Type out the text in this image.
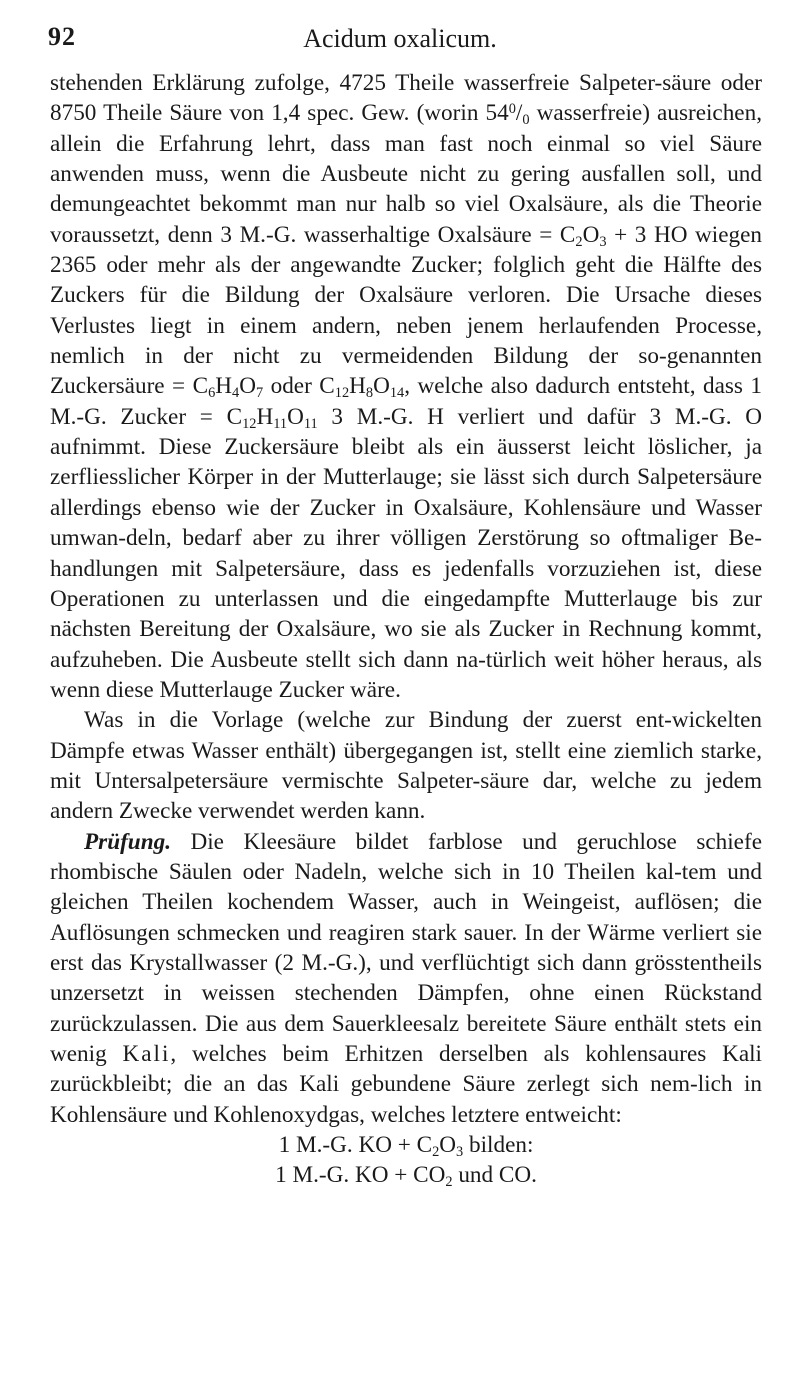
92	Acidum oxalicum.

stehenden Erklärung zufolge, 4725 Theile wasserfreie Salpeter-säure oder 8750 Theile Säure von 1,4 spec. Gew. (worin $54^0/_0$ wasserfreie) ausreichen, allein die Erfahrung lehrt, dass man fast noch einmal so viel Säure anwenden muss, wenn die Ausbeute nicht zu gering ausfallen soll, und demungeachtet bekommt man nur halb so viel Oxalsäure, als die Theorie voraussetzt, denn 3 M.-G. wasserhaltige Oxalsäure = $C_2O_3 + 3$ HO wiegen 2365 oder mehr als der angewandte Zucker; folglich geht die Hälfte des Zuckers für die Bildung der Oxalsäure verloren. Die Ursache dieses Verlustes liegt in einem andern, neben jenem herlaufenden Processe, nemlich in der nicht zu vermeidenden Bildung der so-genannten Zuckersäure = $C_6H_4O_7$ oder $C_{12}H_8O_{14}$, welche also dadurch entsteht, dass 1 M.-G. Zucker = $C_{12}H_{11}O_{11}$ 3 M.-G. H verliert und dafür 3 M.-G. O aufnimmt. Diese Zuckersäure bleibt als ein äusserst leicht löslicher, ja zerfliesslicher Körper in der Mutterlauge; sie lässt sich durch Salpetersäure allerdings ebenso wie der Zucker in Oxalsäure, Kohlensäure und Wasser umwan-deln, bedarf aber zu ihrer völligen Zerstörung so oftmaliger Be-handlungen mit Salpetersäure, dass es jedenfalls vorzuziehen ist, diese Operationen zu unterlassen und die eingedampfte Mutterlauge bis zur nächsten Bereitung der Oxalsäure, wo sie als Zucker in Rechnung kommt, aufzuheben. Die Ausbeute stellt sich dann na-türlich weit höher heraus, als wenn diese Mutterlauge Zucker wäre.

Was in die Vorlage (welche zur Bindung der zuerst ent-wickelten Dämpfe etwas Wasser enthält) übergegangen ist, stellt eine ziemlich starke, mit Untersalpetersäure vermischte Salpeter-säure dar, welche zu jedem andern Zwecke verwendet werden kann.

Prüfung. Die Kleesäure bildet farblose und geruchlose schiefe rhombische Säulen oder Nadeln, welche sich in 10 Theilen kal-tem und gleichen Theilen kochendem Wasser, auch in Weingeist, auflösen; die Auflösungen schmecken und reagiren stark sauer. In der Wärme verliert sie erst das Krystallwasser (2 M.-G.), und verflüchtigt sich dann grösstentheils unzersetzt in weissen stechenden Dämpfen, ohne einen Rückstand zurückzulassen. Die aus dem Sauerkleesalz bereitete Säure enthält stets ein wenig Kali, welches beim Erhitzen derselben als kohlensaures Kali zurückbleibt; die an das Kali gebundene Säure zerlegt sich nem-lich in Kohlensäure und Kohlenoxydgas, welches letztere entweicht:

1 M.-G. KO + $C_2O_3$ bilden:

1 M.-G. KO + $CO_2$ und CO.
